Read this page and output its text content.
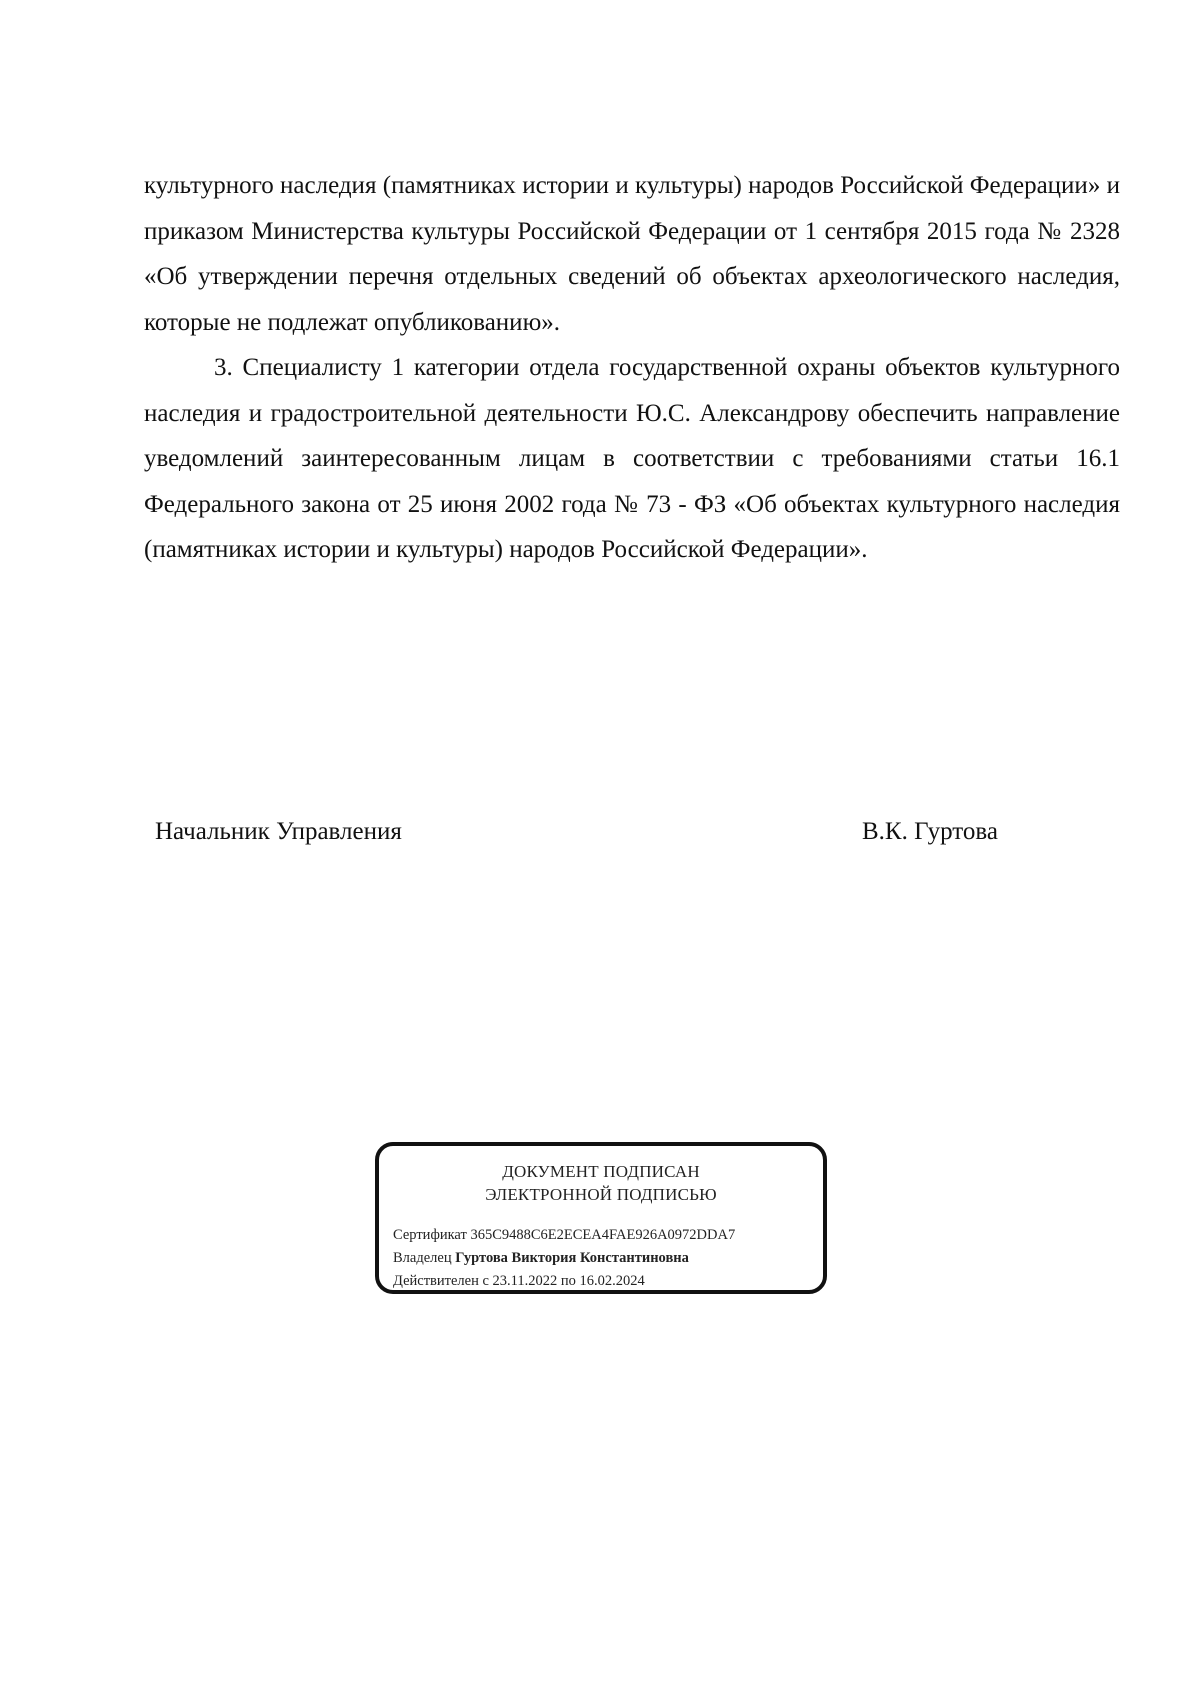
культурного наследия (памятниках истории и культуры) народов Российской Федерации» и приказом Министерства культуры Российской Федерации от 1 сентября 2015 года № 2328 «Об утверждении перечня отдельных сведений об объектах археологического наследия, которые не подлежат опубликованию».

3. Специалисту 1 категории отдела государственной охраны объектов культурного наследия и градостроительной деятельности Ю.С. Александрову обеспечить направление уведомлений заинтересованным лицам в соответствии с требованиями статьи 16.1 Федерального закона от 25 июня 2002 года № 73 - ФЗ «Об объектах культурного наследия (памятниках истории и культуры) народов Российской Федерации».

Начальник Управления	В.К. Гуртова
ДОКУМЕНТ ПОДПИСАН
ЭЛЕКТРОННОЙ ПОДПИСЬЮ
Сертификат 365C9488C6E2ECEA4FAE926A0972DDA7
Владелец Гуртова Виктория Константиновна
Действителен с 23.11.2022 по 16.02.2024
